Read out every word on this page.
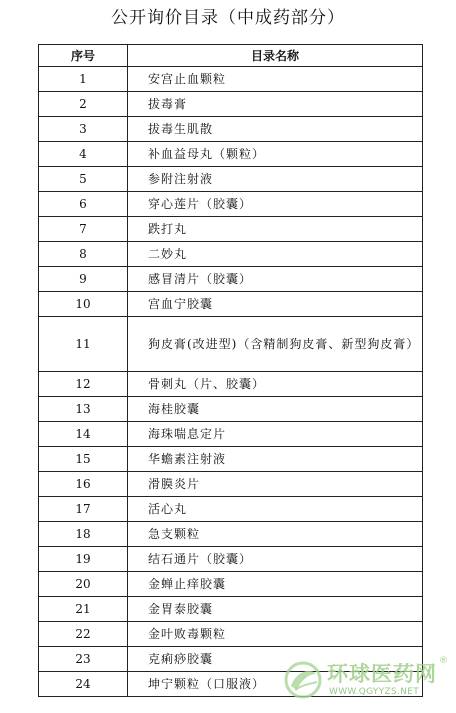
公开询价目录（中成药部分）
序号	目录名称
1	安宫止血颗粒
2	拔毒膏
3	拔毒生肌散
4	补血益母丸（颗粒）
5	参附注射液
6	穿心莲片（胶囊）
7	跌打丸
8	二妙丸
9	感冒清片（胶囊）
10	宫血宁胶囊
11	狗皮膏(改进型)（含精制狗皮膏、新型狗皮膏）
12	骨刺丸（片、胶囊）
13	海桂胶囊
14	海珠喘息定片
15	华蟾素注射液
16	滑膜炎片
17	活心丸
18	急支颗粒
19	结石通片（胶囊）
20	金蝉止痒胶囊
21	金胃泰胶囊
22	金叶败毒颗粒
23	克痢痧胶囊
24	坤宁颗粒（口服液）	环球医药网
®
WWW.QGYYZS.NET
